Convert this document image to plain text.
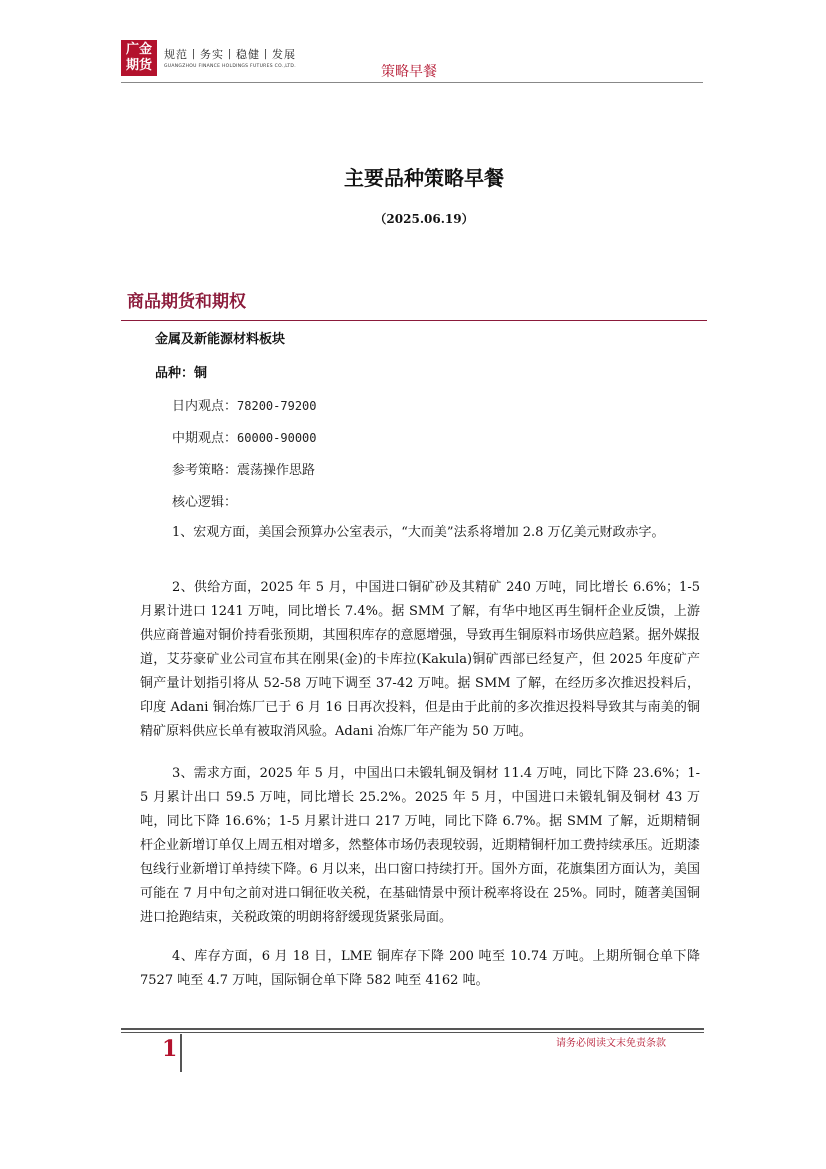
广金
期货
规范丨务实丨稳健丨发展
GUANGZHOU FINANCE HOLDINGS FUTURES CO.,LTD.	策略早餐
主要品种策略早餐
（2025.06.19）
商品期货和期权
金属及新能源材料板块
品种：铜
日内观点：78200-79200
中期观点：60000-90000
参考策略：震荡操作思路
核心逻辑：

1、宏观方面，美国会预算办公室表示，“大而美”法系将增加 2.8 万亿美元财政赤字。

2、供给方面，2025 年 5 月，中国进口铜矿砂及其精矿 240 万吨，同比增长 6.6%；1-5 月累计进口 1241 万吨，同比增长 7.4%。据 SMM 了解，有华中地区再生铜杆企业反馈，上游供应商普遍对铜价持看张预期，其囤积库存的意愿增强，导致再生铜原料市场供应趋紧。据外媒报道，艾芬豪矿业公司宣布其在刚果(金)的卡库拉(Kakula)铜矿西部已经复产，但 2025 年度矿产铜产量计划指引将从 52-58 万吨下调至 37-42 万吨。据 SMM 了解，在经历多次推迟投料后，印度 Adani 铜冶炼厂已于 6 月 16 日再次投料，但是由于此前的多次推迟投料导致其与南美的铜精矿原料供应长单有被取消风验。Adani 冶炼厂年产能为 50 万吨。

3、需求方面，2025 年 5 月，中国出口未锻轧铜及铜材 11.4 万吨，同比下降 23.6%；1-5 月累计出口 59.5 万吨，同比增长 25.2%。2025 年 5 月，中国进口未锻轧铜及铜材 43 万吨，同比下降 16.6%；1-5 月累计进口 217 万吨，同比下降 6.7%。据 SMM 了解，近期精铜杆企业新增订单仅上周五相对增多，然整体市场仍表现较弱，近期精铜杆加工费持续承压。近期漆包线行业新增订单持续下降。6 月以来，出口窗口持续打开。国外方面，花旗集团方面认为，美国可能在 7 月中旬之前对进口铜征收关税，在基础情景中预计税率将设在 25%。同时，随著美国铜进口抢跑结束，关税政策的明朗将舒缓现货紧张局面。

4、库存方面，6 月 18 日，LME 铜库存下降 200 吨至 10.74 万吨。上期所铜仓单下降 7527 吨至 4.7 万吨，国际铜仓单下降 582 吨至 4162 吨。

1	请务必阅读文末免责条款
